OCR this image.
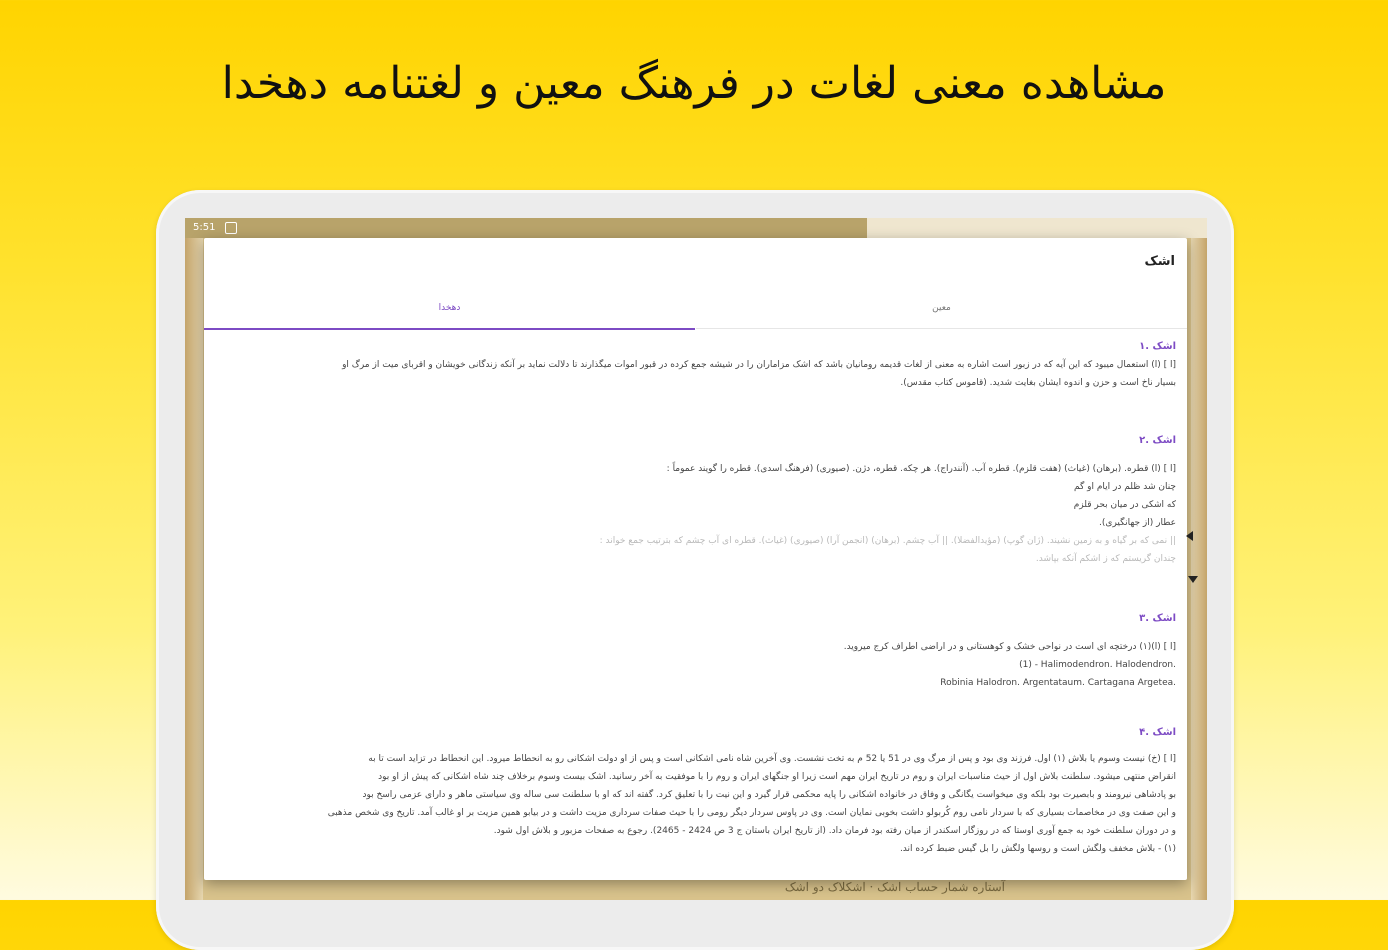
مشاهده معنی لغات در فرهنگ معین و لغتنامه دهخدا
5:51
آستاره شمار حساب اشک · اشکلاک دو اشک
اشک
دهخدا	معین
اشک .۱
[ا ] (ا) استعمال میبود که این آیه که در زبور است اشاره به معنی از لغات قدیمه رومانیان باشد که اشک مزاماران را در شیشه جمع کرده در قبور اموات میگذارند تا دلالت نماید بر آنکه زندگانی خویشان و اقربای میت از مرگ او
بسیار ناخ است و حزن و اندوه ایشان بغایت شدید. (قاموس کتاب مقدس).
اشک .۲
[ا ] (ا) قطره. (برهان) (غیاث) (هفت قلزم). قطره آب. (آنندراج). هر چکه. قطره، دژن. (صیوری) (فرهنگ اسدی). قطره را گویند عموماً :
چنان شد ظلم در ایام او گم
که اشکی در میان بحر قلزم
عطار (از جهانگیری).
|| نمی که بر گیاه و به زمین نشیند. (ژان گوپ) (مؤیدالفضلا). || آب چشم. (برهان) (انجمن آرا) (صیوری) (غیاث). قطره ای آب چشم که بترتیب جمع خواند :
چندان گریستم که ز اشکم آنکه بپاشد.
اشک .۳
[ا ] (ا)(۱) درختچه ای است در نواحی خشک و کوهستانی و در اراضی اطراف کرج میروید.
(1) - Halimodendron. Halodendron.
Robinia Halodron. Argentataum. Cartagana Argetea.
اشک .۴
[ا ] (خ) نیست وسوم یا بلاش (۱) اول. فرزند وی بود و پس از مرگ وی در 51 یا 52 م به تخت نشست. وی آخرین شاه نامی اشکانی است و پس از او دولت اشکانی رو به انحطاط میرود. این انحطاط در تزاید است تا به
انقراض منتهی میشود. سلطنت بلاش اول از حیث مناسبات ایران و روم در تاریخ ایران مهم است زیرا او جنگهای ایران و روم را با موفقیت به آخر رسانید. اشک بیست وسوم برخلاف چند شاه اشکانی که پیش از او بود
بو پادشاهی نیرومند و بابصیرت بود بلکه وی میخواست یگانگی و وفاق در خانواده اشکانی را پایه محکمی قرار گیرد و این نیت را با تعلیق کرد. گفته اند که او با سلطنت سی ساله وی سیاستی ماهر و دارای عزمی راسخ بود
و این صفت وی در مخاصمات بسیاری که با سردار نامی روم کُربولو داشت بخوبی نمایان است. وی در پاوس سردار دیگر رومی را با حیث صفات سرداری مزیت داشت و در بیابو همین مزیت بر او غالب آمد. تاریخ وی شخص مذهبی
و در دوران سلطنت خود به جمع آوری اوستا که در روزگار اسکندر از میان رفته بود فرمان داد. (از تاریخ ایران باستان ج 3 ص 2424 - 2465). رجوع به صفحات مزبور و بلاش اول شود.
(۱) - بلاش مخفف ولگش است و روسها ولگش را بل گیس ضبط کرده اند.
